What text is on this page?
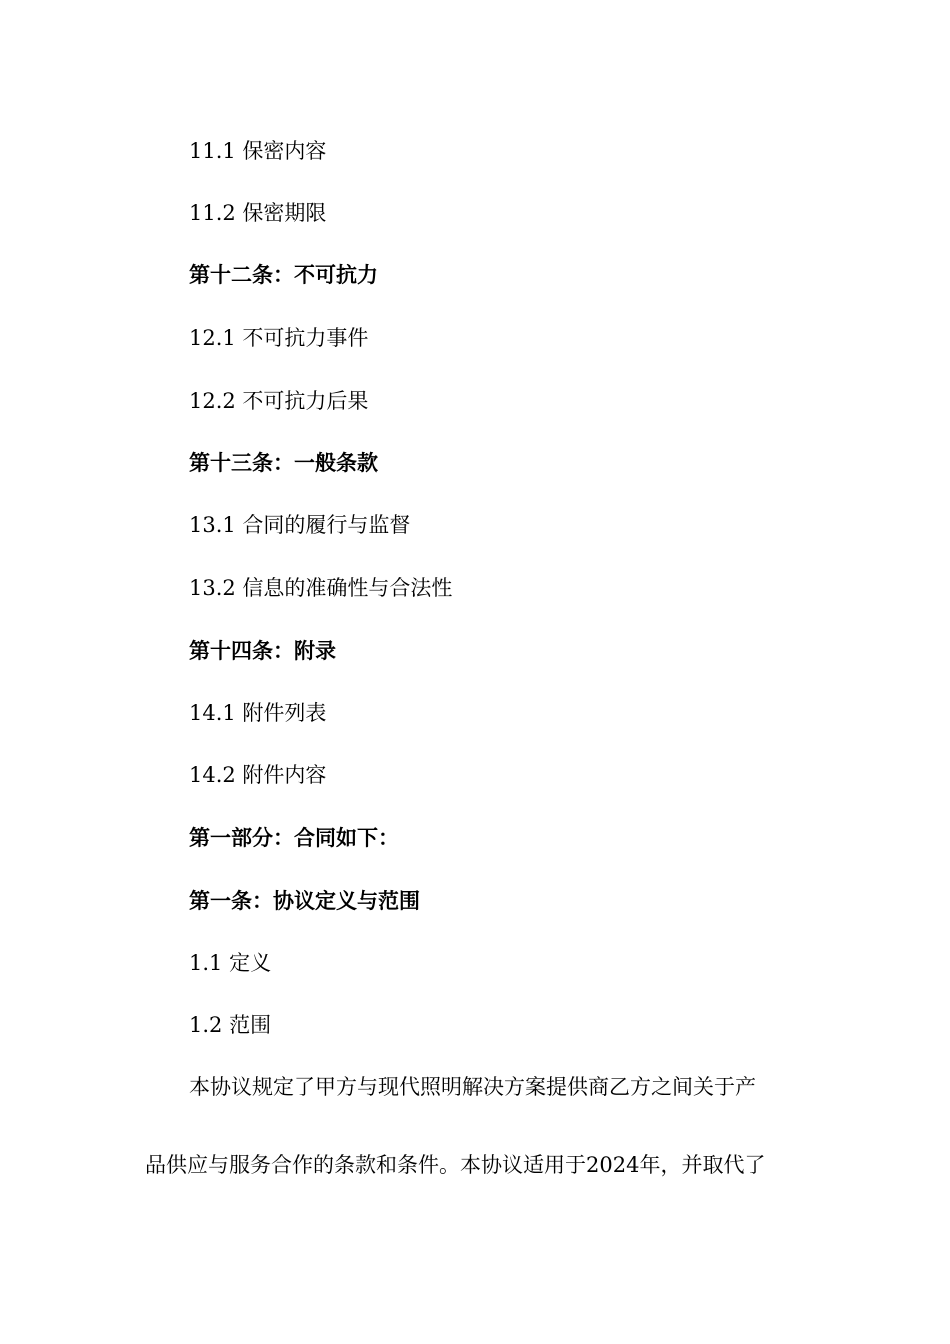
11.1 保密内容
11.2 保密期限
第十二条：不可抗力
12.1 不可抗力事件
12.2 不可抗力后果
第十三条：一般条款
13.1 合同的履行与监督
13.2 信息的准确性与合法性
第十四条：附录
14.1 附件列表
14.2 附件内容
第一部分：合同如下：
第一条：协议定义与范围
1.1 定义
1.2 范围
本协议规定了甲方与现代照明解决方案提供商乙方之间关于产
品供应与服务合作的条款和条件。本协议适用于2024年，并取代了
